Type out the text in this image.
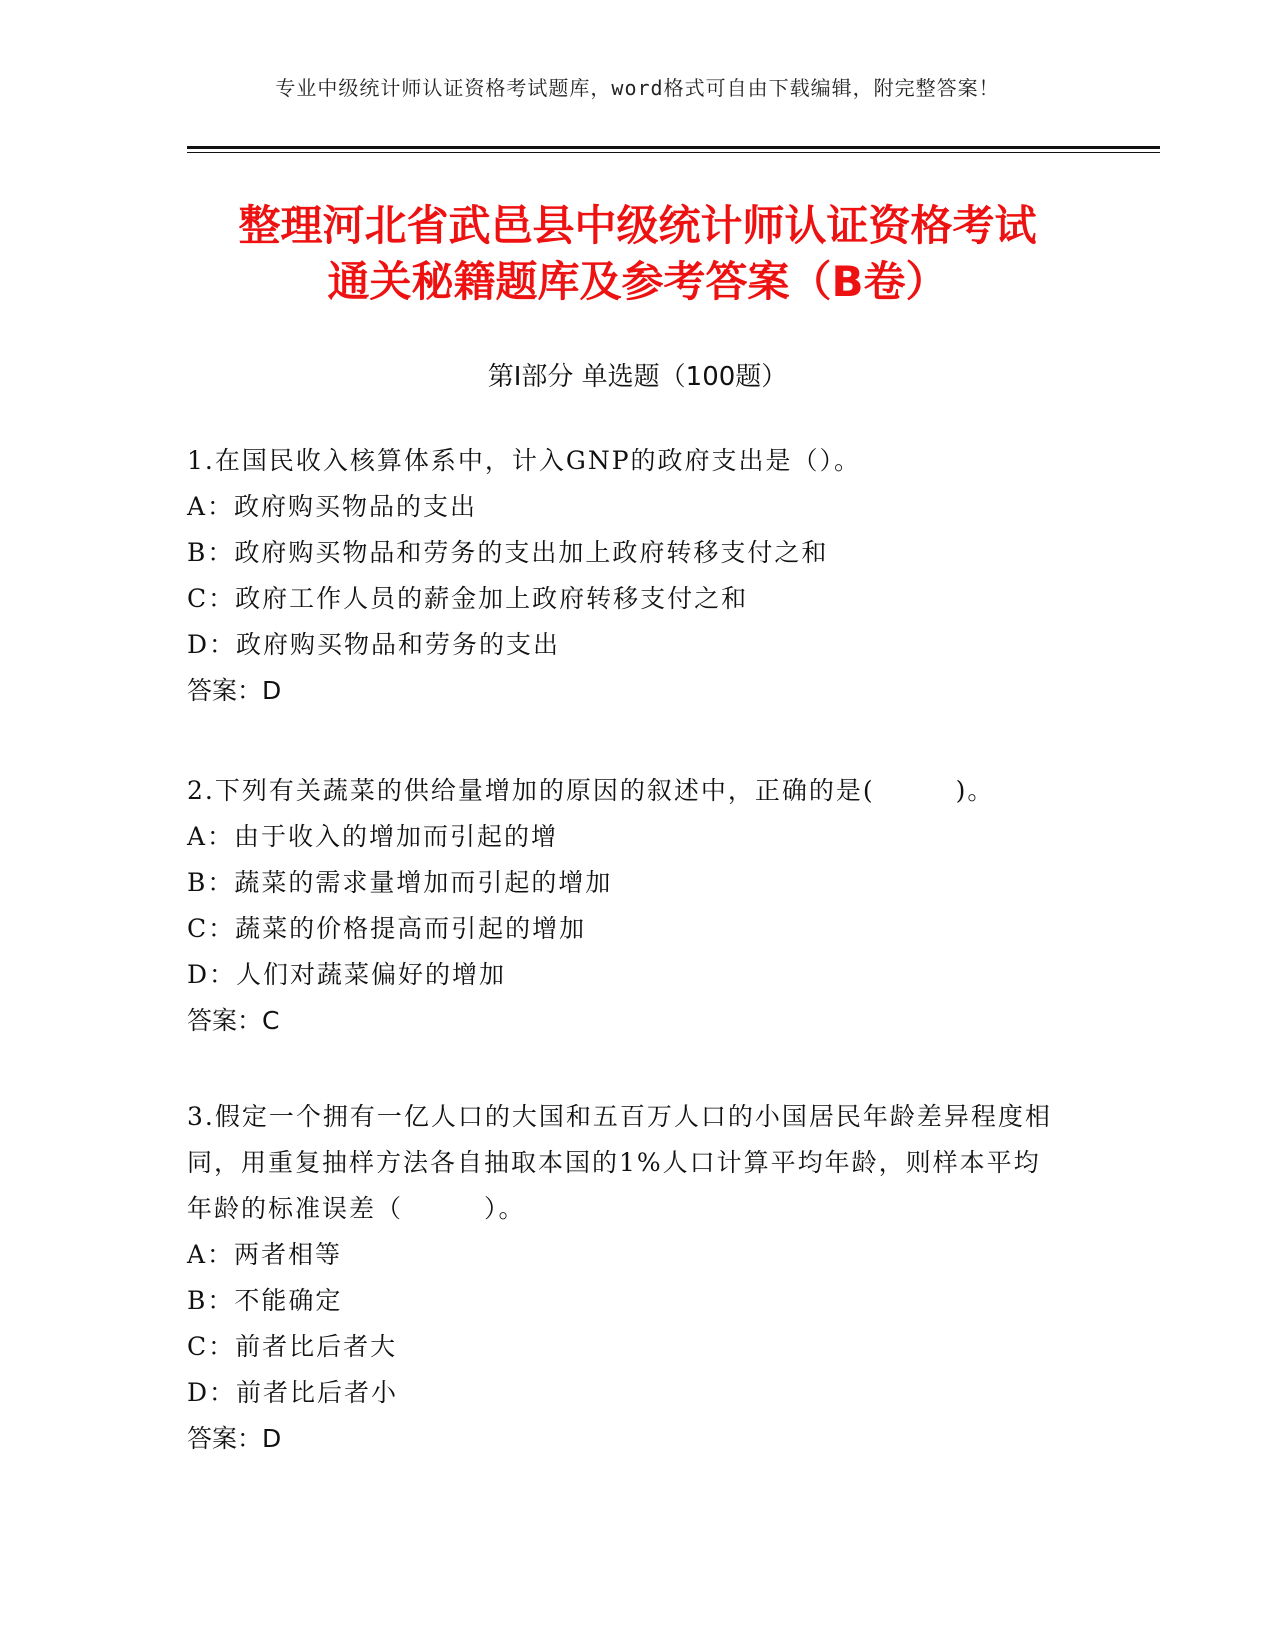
专业中级统计师认证资格考试题库，word格式可自由下载编辑，附完整答案！
整理河北省武邑县中级统计师认证资格考试
通关秘籍题库及参考答案（B卷）
第Ⅰ部分 单选题（100题）

1.在国民收入核算体系中，计入GNP的政府支出是（）。

A：政府购买物品的支出
B：政府购买物品和劳务的支出加上政府转移支付之和
C：政府工作人员的薪金加上政府转移支付之和
D：政府购买物品和劳务的支出
答案：D

2.下列有关蔬菜的供给量增加的原因的叙述中，正确的是(　　　)。

A：由于收入的增加而引起的增
B：蔬菜的需求量增加而引起的增加
C：蔬菜的价格提高而引起的增加
D：人们对蔬菜偏好的增加
答案：C

3.假定一个拥有一亿人口的大国和五百万人口的小国居民年龄差异程度相同，用重复抽样方法各自抽取本国的1%人口计算平均年龄，则样本平均年龄的标准误差（　　　）。

A：两者相等
B：不能确定
C：前者比后者大
D：前者比后者小
答案：D
